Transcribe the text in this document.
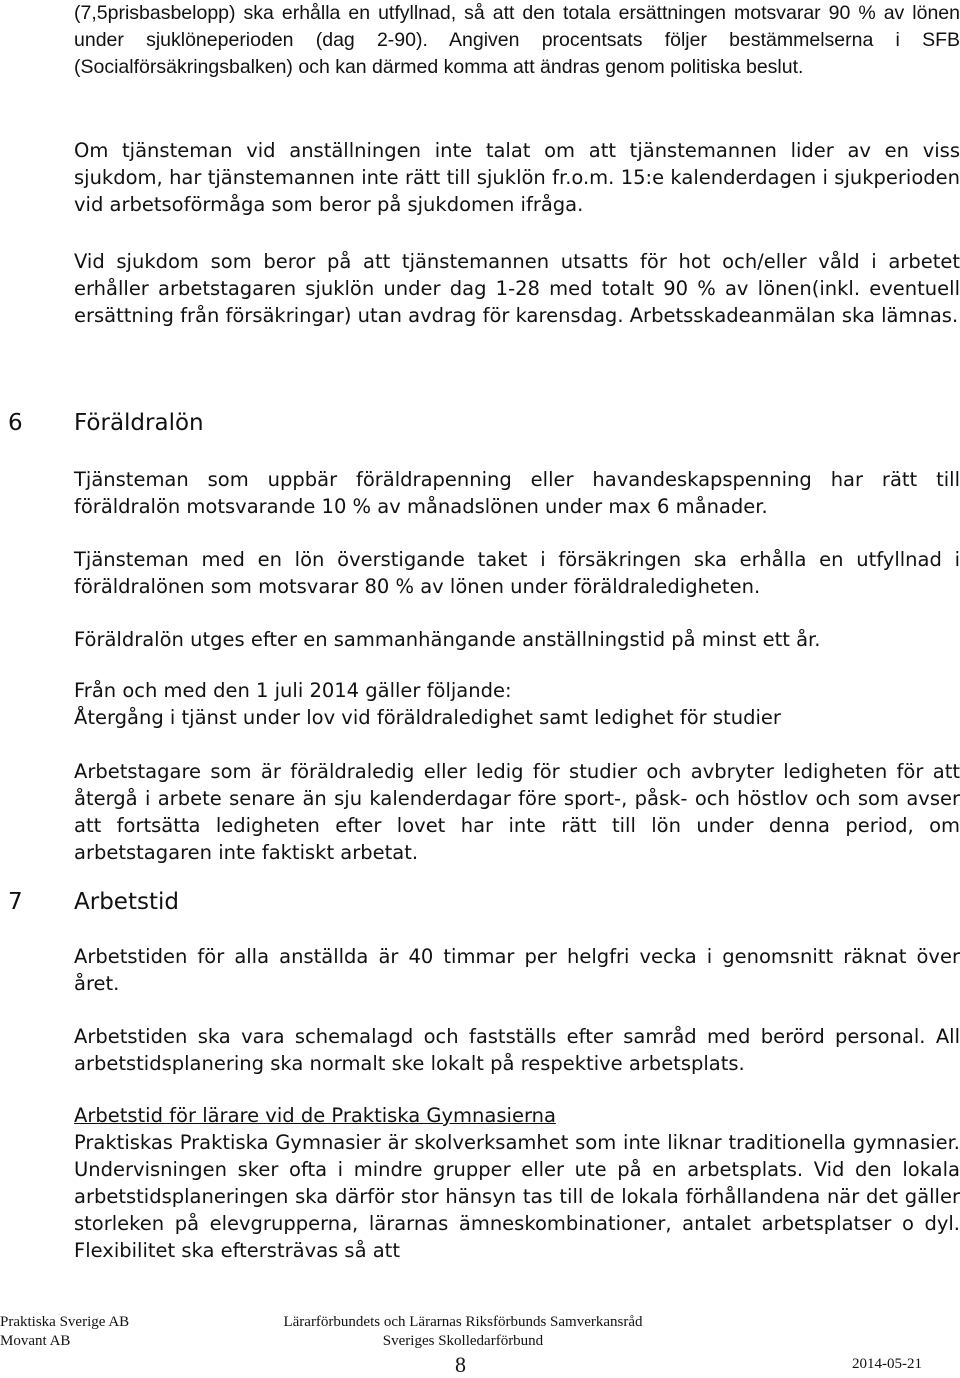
(7,5prisbasbelopp) ska erhålla en utfyllnad, så att den totala ersättningen motsvarar 90 % av lönen under sjuklöneperioden (dag 2-90). Angiven procentsats följer bestämmelserna i SFB (Socialförsäkringsbalken) och kan därmed komma att ändras genom politiska beslut.

Om tjänsteman vid anställningen inte talat om att tjänstemannen lider av en viss sjukdom, har tjänstemannen inte rätt till sjuklön fr.o.m. 15:e kalenderdagen i sjukperioden vid arbetsoförmåga som beror på sjukdomen ifråga.

Vid sjukdom som beror på att tjänstemannen utsatts för hot och/eller våld i arbetet erhåller arbetstagaren sjuklön under dag 1-28 med totalt 90 % av lönen(inkl. eventuell ersättning från försäkringar) utan avdrag för karensdag. Arbetsskadeanmälan ska lämnas.

6 Föräldralön

Tjänsteman som uppbär föräldrapenning eller havandeskapspenning har rätt till föräldralön motsvarande 10 % av månadslönen under max 6 månader.

Tjänsteman med en lön överstigande taket i försäkringen ska erhålla en utfyllnad i föräldralönen som motsvarar 80 % av lönen under föräldraledigheten.

Föräldralön utges efter en sammanhängande anställningstid på minst ett år.

Från och med den 1 juli 2014 gäller följande:

Återgång i tjänst under lov vid föräldraledighet samt ledighet för studier

Arbetstagare som är föräldraledig eller ledig för studier och avbryter ledigheten för att återgå i arbete senare än sju kalenderdagar före sport-, påsk- och höstlov och som avser att fortsätta ledigheten efter lovet har inte rätt till lön under denna period, om arbetstagaren inte faktiskt arbetat.

7 Arbetstid

Arbetstiden för alla anställda är 40 timmar per helgfri vecka i genomsnitt räknat över året.

Arbetstiden ska vara schemalagd och fastställs efter samråd med berörd personal. All arbetstidsplanering ska normalt ske lokalt på respektive arbetsplats.

Arbetstid för lärare vid de Praktiska Gymnasierna

Praktiskas Praktiska Gymnasier är skolverksamhet som inte liknar traditionella gymnasier. Undervisningen sker ofta i mindre grupper eller ute på en arbetsplats. Vid den lokala arbetstidsplaneringen ska därför stor hänsyn tas till de lokala förhållandena när det gäller storleken på elevgrupperna, lärarnas ämneskombinationer, antalet arbetsplatser o dyl. Flexibilitet ska eftersträvas så att

Praktiska Sverige AB
Movant AB
Lärarförbundets och Lärarnas Riksförbunds Samverkansråd
Sveriges Skolledarförbund
8	2014-05-21
